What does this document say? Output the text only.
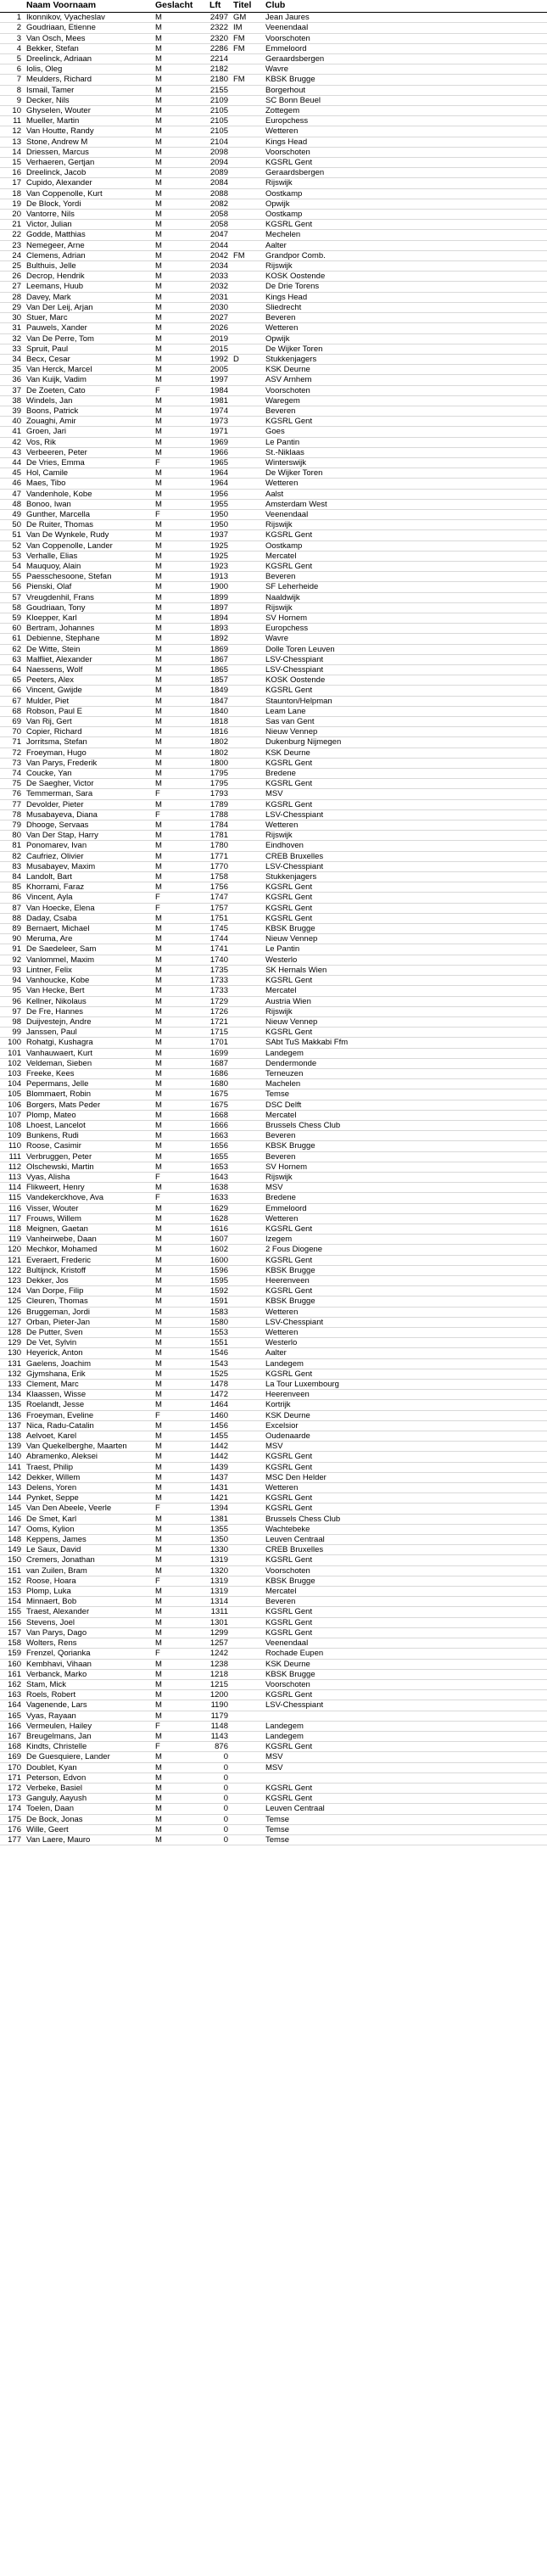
	Naam Voornaam	Geslacht	Lft	Titel	Club
1	Ikonnikov, Vyacheslav	M	2497	GM	Jean Jaures
2	Goudriaan, Etienne	M	2322	IM	Veenendaal
3	Van Osch, Mees	M	2320	FM	Voorschoten
4	Bekker, Stefan	M	2286	FM	Emmeloord
5	Dreelinck, Adriaan	M	2214		Geraardsbergen
6	Iolis, Oleg	M	2182		Wavre
7	Meulders, Richard	M	2180	FM	KBSK Brugge
8	Ismail, Tamer	M	2155		Borgerhout
9	Decker, Nils	M	2109		SC Bonn Beuel
10	Ghyselen, Wouter	M	2105		Zottegem
11	Mueller, Martin	M	2105		Europchess
12	Van Houtte, Randy	M	2105		Wetteren
13	Stone, Andrew M	M	2104		Kings Head
14	Driessen, Marcus	M	2098		Voorschoten
15	Verhaeren, Gertjan	M	2094		KGSRL Gent
16	Dreelinck, Jacob	M	2089		Geraardsbergen
17	Cupido, Alexander	M	2084		Rijswijk
18	Van Coppenolle, Kurt	M	2088		Oostkamp
19	De Block, Yordi	M	2082		Opwijk
20	Vantorre, Nils	M	2058		Oostkamp
21	Victor, Julian	M	2058		KGSRL Gent
22	Godde, Matthias	M	2047		Mechelen
23	Nemegeer, Arne	M	2044		Aalter
24	Clemens, Adrian	M	2042	FM	Grandpor Comb.
25	Bulthuis, Jelle	M	2034		Rijswijk
26	Decrop, Hendrik	M	2033		KOSK Oostende
27	Leemans, Huub	M	2032		De Drie Torens
28	Davey, Mark	M	2031		Kings Head
29	Van Der Leij, Arjan	M	2030		Sliedrecht
30	Stuer, Marc	M	2027		Beveren
31	Pauwels, Xander	M	2026		Wetteren
32	Van De Perre, Tom	M	2019		Opwijk
33	Spruit, Paul	M	2015		De Wijker Toren
34	Becx, Cesar	M	1992	D	Stukkenjagers
35	Van Herck, Marcel	M	2005		KSK Deurne
36	Van Kuijk, Vadim	M	1997		ASV Arnhem
37	De Zoeten, Cato	F	1984		Voorschoten
38	Windels, Jan	M	1981		Waregem
39	Boons, Patrick	M	1974		Beveren
40	Zouaghi, Amir	M	1973		KGSRL Gent
41	Groen, Jari	M	1971		Goes
42	Vos, Rik	M	1969		Le Pantin
43	Verbeeren, Peter	M	1966		St.-Niklaas
44	De Vries, Emma	F	1965		Winterswijk
45	Hol, Camile	M	1964		De Wijker Toren
46	Maes, Tibo	M	1964		Wetteren
47	Vandenhole, Kobe	M	1956		Aalst
48	Bonoo, Iwan	M	1955		Amsterdam West
49	Gunther, Marcella	F	1950		Veenendaal
50	De Ruiter, Thomas	M	1950		Rijswijk
51	Van De Wynkele, Rudy	M	1937		KGSRL Gent
52	Van Coppenolle, Lander	M	1925		Oostkamp
53	Verhalle, Elias	M	1925		Mercatel
54	Mauquoy, Alain	M	1923		KGSRL Gent
55	Paesschesoone, Stefan	M	1913		Beveren
56	Pienski, Olaf	M	1900		SF Leherheide
57	Vreugdenhil, Frans	M	1899		Naaldwijk
58	Goudriaan, Tony	M	1897		Rijswijk
59	Kloepper, Karl	M	1894		SV Hornem
60	Bertram, Johannes	M	1893		Europchess
61	Debienne, Stephane	M	1892		Wavre
62	De Witte, Stein	M	1869		Dolle Toren Leuven
63	Malfliet, Alexander	M	1867		LSV-Chesspiant
64	Naessens, Wolf	M	1865		LSV-Chesspiant
65	Peeters, Alex	M	1857		KOSK Oostende
66	Vincent, Gwijde	M	1849		KGSRL Gent
67	Mulder, Piet	M	1847		Staunton/Helpman
68	Robson, Paul E	M	1840		Leam Lane
69	Van Rij, Gert	M	1818		Sas van Gent
70	Copier, Richard	M	1816		Nieuw Vennep
71	Jorritsma, Stefan	M	1802		Dukenburg Nijmegen
72	Froeyman, Hugo	M	1802		KSK Deurne
73	Van Parys, Frederik	M	1800		KGSRL Gent
74	Coucke, Yan	M	1795		Bredene
75	De Saegher, Victor	M	1795		KGSRL Gent
76	Temmerman, Sara	F	1793		MSV
77	Devolder, Pieter	M	1789		KGSRL Gent
78	Musabayeva, Diana	F	1788		LSV-Chesspiant
79	Dhooge, Servaas	M	1784		Wetteren
80	Van Der Stap, Harry	M	1781		Rijswijk
81	Ponomarev, Ivan	M	1780		Eindhoven
82	Caufriez, Olivier	M	1771		CREB Bruxelles
83	Musabayev, Maxim	M	1770		LSV-Chesspiant
84	Landolt, Bart	M	1758		Stukkenjagers
85	Khorrami, Faraz	M	1756		KGSRL Gent
86	Vincent, Ayla	F	1747		KGSRL Gent
87	Van Hoecke, Elena	F	1757		KGSRL Gent
88	Daday, Csaba	M	1751		KGSRL Gent
89	Bernaert, Michael	M	1745		KBSK Brugge
90	Meruma, Are	M	1744		Nieuw Vennep
91	De Saedeleer, Sam	M	1741		Le Pantin
92	Vanlommel, Maxim	M	1740		Westerlo
93	Lintner, Felix	M	1735		SK Hernals Wien
94	Vanhoucke, Kobe	M	1733		KGSRL Gent
95	Van Hecke, Bert	M	1733		Mercatel
96	Kellner, Nikolaus	M	1729		Austria Wien
97	De Fre, Hannes	M	1726		Rijswijk
98	Duijvestejn, Andre	M	1721		Nieuw Vennep
99	Janssen, Paul	M	1715		KGSRL Gent
100	Rohatgi, Kushagra	M	1701		SAbt TuS Makkabi Ffm
101	Vanhauwaert, Kurt	M	1699		Landegem
102	Veldeman, Sieben	M	1687		Dendermonde
103	Freeke, Kees	M	1686		Terneuzen
104	Pepermans, Jelle	M	1680		Machelen
105	Blommaert, Robin	M	1675		Temse
106	Borgers, Mats Peder	M	1675		DSC Delft
107	Plomp, Mateo	M	1668		Mercatel
108	Lhoest, Lancelot	M	1666		Brussels Chess Club
109	Bunkens, Rudi	M	1663		Beveren
110	Roose, Casimir	M	1656		KBSK Brugge
111	Verbruggen, Peter	M	1655		Beveren
112	Olschewski, Martin	M	1653		SV Hornem
113	Vyas, Alisha	F	1643		Rijswijk
114	Flikweert, Henry	M	1638		MSV
115	Vandekerckhove, Ava	F	1633		Bredene
116	Visser, Wouter	M	1629		Emmeloord
117	Frouws, Willem	M	1628		Wetteren
118	Meignen, Gaetan	M	1616		KGSRL Gent
119	Vanheirwebe, Daan	M	1607		Izegem
120	Mechkor, Mohamed	M	1602		2 Fous Diogene
121	Everaert, Frederic	M	1600		KGSRL Gent
122	Bultijnck, Kristoff	M	1596		KBSK Brugge
123	Dekker, Jos	M	1595		Heerenveen
124	Van Dorpe, Filip	M	1592		KGSRL Gent
125	Cleuren, Thomas	M	1591		KBSK Brugge
126	Bruggeman, Jordi	M	1583		Wetteren
127	Orban, Pieter-Jan	M	1580		LSV-Chesspiant
128	De Putter, Sven	M	1553		Wetteren
129	De Vet, Sylvin	M	1551		Westerlo
130	Heyerick, Anton	M	1546		Aalter
131	Gaelens, Joachim	M	1543		Landegem
132	Gjymshana, Erik	M	1525		KGSRL Gent
133	Clement, Marc	M	1478		La Tour Luxembourg
134	Klaassen, Wisse	M	1472		Heerenveen
135	Roelandt, Jesse	M	1464		Kortrijk
136	Froeyman, Eveline	F	1460		KSK Deurne
137	Nica, Radu-Catalin	M	1456		Excelsior
138	Aelvoet, Karel	M	1455		Oudenaarde
139	Van Quekelberghe, Maarten	M	1442		MSV
140	Abramenko, Aleksei	M	1442		KGSRL Gent
141	Traest, Philip	M	1439		KGSRL Gent
142	Dekker, Willem	M	1437		MSC Den Helder
143	Delens, Yoren	M	1431		Wetteren
144	Pynket, Seppe	M	1421		KGSRL Gent
145	Van Den Abeele, Veerle	F	1394		KGSRL Gent
146	De Smet, Karl	M	1381		Brussels Chess Club
147	Ooms, Kylion	M	1355		Wachtebeke
148	Keppens, James	M	1350		Leuven Centraal
149	Le Saux, David	M	1330		CREB Bruxelles
150	Cremers, Jonathan	M	1319		KGSRL Gent
151	van Zuilen, Bram	M	1320		Voorschoten
152	Roose, Hoara	F	1319		KBSK Brugge
153	Plomp, Luka	M	1319		Mercatel
154	Minnaert, Bob	M	1314		Beveren
155	Traest, Alexander	M	1311		KGSRL Gent
156	Stevens, Joel	M	1301		KGSRL Gent
157	Van Parys, Dago	M	1299		KGSRL Gent
158	Wolters, Rens	M	1257		Veenendaal
159	Frenzel, Qorianka	F	1242		Rochade Eupen
160	Kembhavi, Vihaan	M	1238		KSK Deurne
161	Verbanck, Marko	M	1218		KBSK Brugge
162	Stam, Mick	M	1215		Voorschoten
163	Roels, Robert	M	1200		KGSRL Gent
164	Vagenende, Lars	M	1190		LSV-Chesspiant
165	Vyas, Rayaan	M	1179		
166	Vermeulen, Hailey	F	1148		Landegem
167	Breugelmans, Jan	M	1143		Landegem
168	Kindts, Christelle	F	876		KGSRL Gent
169	De Guesquiere, Lander	M	0		MSV
170	Doublet, Kyan	M	0		MSV
171	Peterson, Edvon	M	0		
172	Verbeke, Basiel	M	0		KGSRL Gent
173	Ganguly, Aayush	M	0		KGSRL Gent
174	Toelen, Daan	M	0		Leuven Centraal
175	De Bock, Jonas	M	0		Temse
176	Wille, Geert	M	0		Temse
177	Van Laere, Mauro	M	0		Temse
